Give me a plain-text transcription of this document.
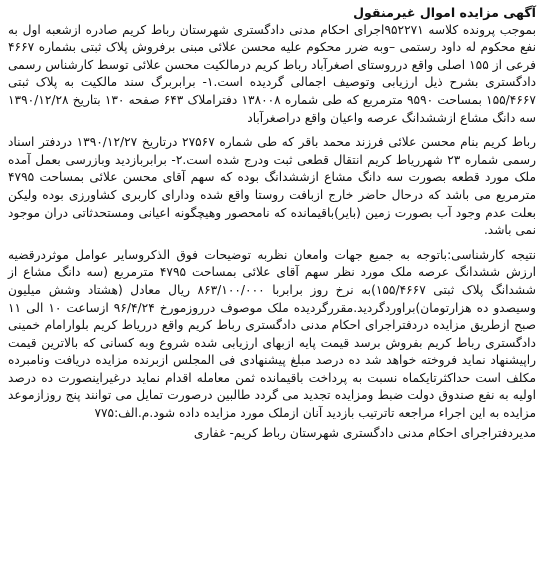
آگهی مزایده اموال غیرمنقول

بموجب پرونده کلاسه ۹۵۲۲۷۱اجرای احکام مدنی دادگستری شهرستان رباط کریم صادره ازشعبه اول به نفع محکوم له داود رستمی –وبه ضرر محکوم علیه محسن علائی مبنی برفروش پلاک ثبتی بشماره ۴۶۶۷ فرعی از ۱۵۵ اصلی واقع درروستای اصغرآباد رباط کریم درمالکیت محسن علائی توسط کارشناس رسمی دادگستری بشرح ذیل ارزیابی وتوصیف اجمالی گردیده است.۱- برابربرگ سند مالکیت به پلاک ثبتی ۱۵۵/۴۶۶۷ بمساحت ۹۵۹۰ مترمربع که طی شماره ۱۳۸۰۰۸ دفتراملاک ۶۴۳ صفحه ۱۳۰ بتاریخ ۱۳۹۰/۱۲/۲۸ سه دانگ مشاع ازششدانگ عرصه واعیان واقع دراصغرآباد

رباط کریم بنام محسن علائی فرزند محمد باقر که طی شماره ۲۷۵۶۷ درتاریخ ۱۳۹۰/۱۲/۲۷ دردفتر اسناد رسمی شماره ۲۳ شهرریاط کریم انتقال قطعی ثبت ودرج شده است.۲- برابربازدید وبازرسی بعمل آمده ملک مورد قطعه بصورت سه دانگ مشاع ازششدانگ بوده که سهم آقای محسن علائی بمساحت ۴۷۹۵ مترمربع می باشد که درحال حاضر خارج ازبافت روستا واقع شده ودارای کاربری کشاورزی بوده ولیکن بعلت عدم وجود آب بصورت زمین (بایر)باقیمانده که نامحصور وهیچگونه اعیانی ومستحدثاتی دران موجود نمی باشد.

نتیجه کارشناسی:باتوجه به جمیع جهات وامعان نظربه توضیحات فوق الذکروسایر عوامل موثردرقضیه ارزش ششدانگ عرصه ملک مورد نظر سهم آقای علائی بمساحت ۴۷۹۵ مترمربع (سه دانگ مشاع از ششدانگ پلاک ثبتی ۱۵۵/۴۶۶۷)به نرخ روز برابربا ۸۶۳/۱۰۰/۰۰۰ ریال معادل (هشتاد وشش میلیون وسیصدو ده هزارتومان)براوردگردید.مقررگردیده ملک موصوف درروزمورخ ۹۶/۴/۲۴ ازساعت ۱۰ الی ۱۱ صبح ازطریق مزایده دردفتراجرای احکام مدنی دادگستری رباط کریم واقع درریاط کریم بلوارامام خمینی دادگستری رباط کریم بفروش برسد قیمت پایه ازبهای ارزیابی شده شروع وبه کسانی که بالاترین قیمت راپیشنهاد نماید فروخته خواهد شد ده درصد مبلغ پیشنهادی فی المجلس ازبرنده مزایده دریافت ونامبرده مکلف است حداکثرتایکماه نسبت به پرداخت باقیمانده ثمن معامله اقدام نماید درغیراینصورت ده درصد اولیه به نفع صندوق دولت ضبط ومزایده تجدید می گردد طالبین درصورت تمایل می توانند پنج روزازموعد مزایده به این اجراء مراجعه تاترتیب بازدید آنان ازملک مورد مزایده داده شود.م.الف:۷۷۵

مدیردفتراجرای احکام مدنی دادگستری شهرستان رباط کریم- غفاری
